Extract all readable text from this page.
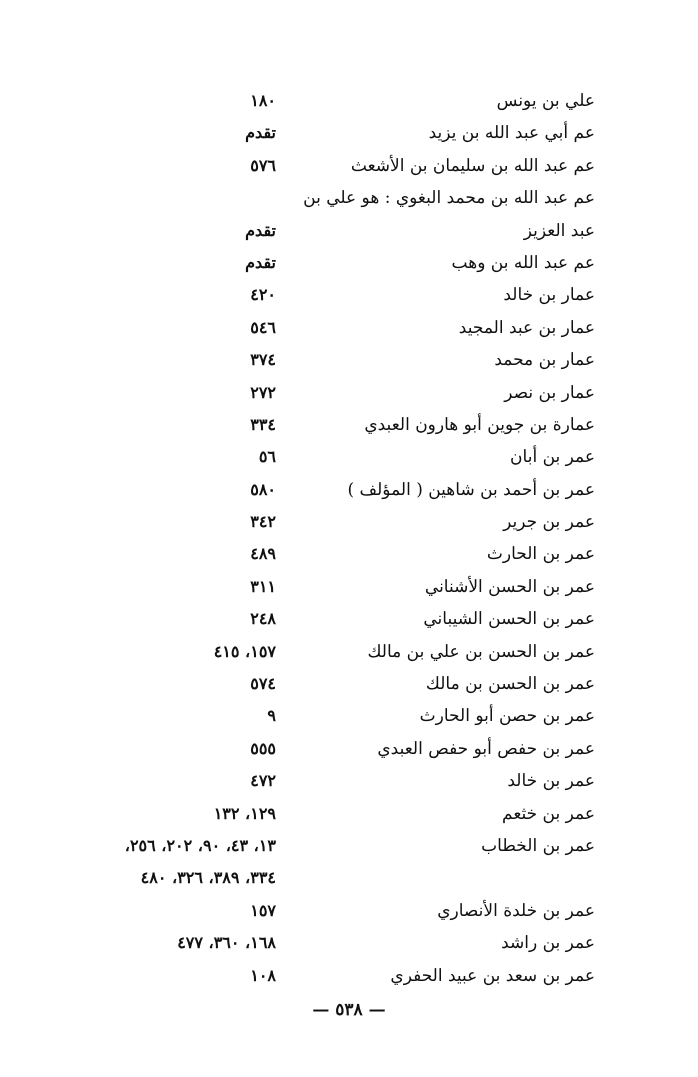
علي بن يونس
١٨٠
عم أبي عبد الله بن يزيد
تقدم
عم عبد الله بن سليمان بن الأشعث
٥٧٦
عم عبد الله بن محمد البغوي : هو علي بن
عبد العزيز
تقدم
عم عبد الله بن وهب
تقدم
عمار بن خالد
٤٢٠
عمار بن عبد المجيد
٥٤٦
عمار بن محمد
٣٧٤
عمار بن نصر
٢٧٢
عمارة بن جوين أبو هارون العبدي
٣٣٤
عمر بن أبان
٥٦
عمر بن أحمد بن شاهين ( المؤلف )
٥٨٠
عمر بن جرير
٣٤٢
عمر بن الحارث
٤٨٩
عمر بن الحسن الأشناني
٣١١
عمر بن الحسن الشيباني
٢٤٨
عمر بن الحسن بن علي بن مالك
١٥٧، ٤١٥
عمر بن الحسن بن مالك
٥٧٤
عمر بن حصن أبو الحارث
٩
عمر بن حفص أبو حفص العبدي
٥٥٥
عمر بن خالد
٤٧٢
عمر بن خثعم
١٢٩، ١٣٢
عمر بن الخطاب
١٣، ٤٣، ٩٠، ٢٠٢، ٢٥٦،
٣٣٤، ٣٨٩، ٣٢٦، ٤٨٠
عمر بن خلدة الأنصاري
١٥٧
عمر بن راشد
١٦٨، ٣٦٠، ٤٧٧
عمر بن سعد بن عبيد الحفري
١٠٨
— ٥٣٨ —
